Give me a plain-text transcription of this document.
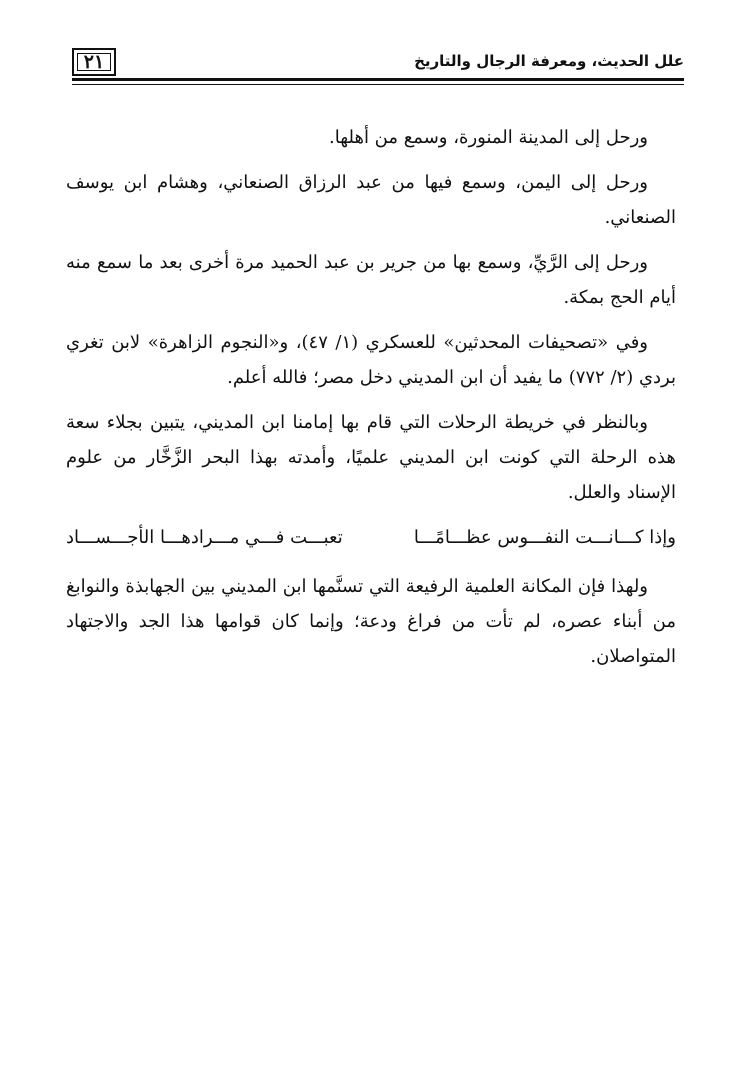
٢١	علل الحديث، ومعرفة الرجال والتاريخ

ورحل إلى المدينة المنورة، وسمع من أهلها.

ورحل إلى اليمن، وسمع فيها من عبد الرزاق الصنعاني، وهشام ابن يوسف الصنعاني.

ورحل إلى الرَّيِّ، وسمع بها من جرير بن عبد الحميد مرة أخرى بعد ما سمع منه أيام الحج بمكة.

وفي «تصحيفات المحدثين» للعسكري (١/ ٤٧)، و«النجوم الزاهرة» لابن تغري بردي (٢/ ٧٧٢) ما يفيد أن ابن المديني دخل مصر؛ فالله أعلم.

وبالنظر في خريطة الرحلات التي قام بها إمامنا ابن المديني، يتبين بجلاء سعة هذه الرحلة التي كونت ابن المديني علميًا، وأمدته بهذا البحر الزَّخَّار من علوم الإسناد والعلل.

وإذا كـــانـــت النفـــوس عظـــامًـــا
تعبـــت فـــي مـــرادهـــا الأجـــســـاد

ولهذا فإن المكانة العلمية الرفيعة التي تسنَّمها ابن المديني بين الجهابذة والنوابغ من أبناء عصره، لم تأت من فراغ ودعة؛ وإنما كان قوامها هذا الجد والاجتهاد المتواصلان.
